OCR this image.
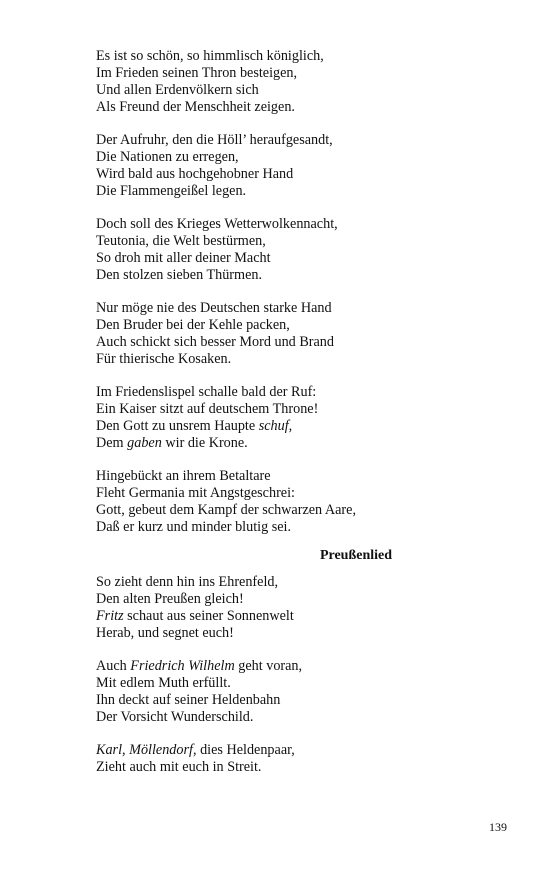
Es ist so schön, so himmlisch königlich,
Im Frieden seinen Thron besteigen,
Und allen Erdenvölkern sich
Als Freund der Menschheit zeigen.
Der Aufruhr, den die Höll’ heraufgesandt,
Die Nationen zu erregen,
Wird bald aus hochgehobner Hand
Die Flammengeißel legen.
Doch soll des Krieges Wetterwolkennacht,
Teutonia, die Welt bestürmen,
So droh mit aller deiner Macht
Den stolzen sieben Thürmen.
Nur möge nie des Deutschen starke Hand
Den Bruder bei der Kehle packen,
Auch schickt sich besser Mord und Brand
Für thierische Kosaken.
Im Friedenslispel schalle bald der Ruf:
Ein Kaiser sitzt auf deutschem Throne!
Den Gott zu unsrem Haupte schuf,
Dem gaben wir die Krone.
Hingebückt an ihrem Betaltare
Fleht Germania mit Angstgeschrei:
Gott, gebeut dem Kampf der schwarzen Aare,
Daß er kurz und minder blutig sei.
Preußenlied
So zieht denn hin ins Ehrenfeld,
Den alten Preußen gleich!
Fritz schaut aus seiner Sonnenwelt
Herab, und segnet euch!
Auch Friedrich Wilhelm geht voran,
Mit edlem Muth erfüllt.
Ihn deckt auf seiner Heldenbahn
Der Vorsicht Wunderschild.
Karl, Möllendorf, dies Heldenpaar,
Zieht auch mit euch in Streit.
139
